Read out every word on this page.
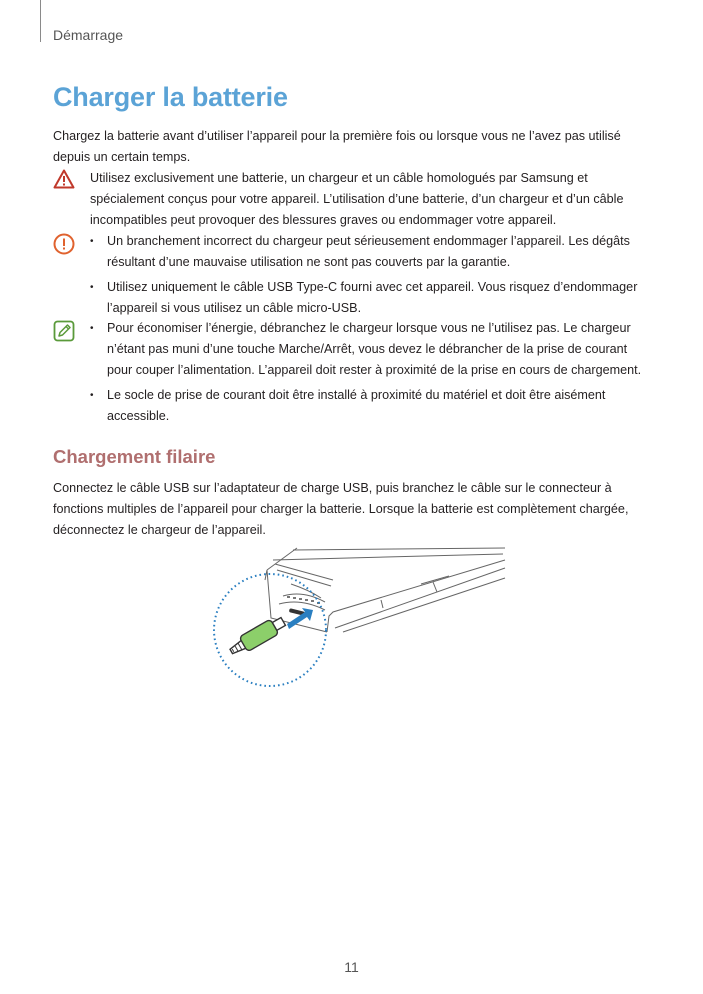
Démarrage
Charger la batterie

Chargez la batterie avant d’utiliser l’appareil pour la première fois ou lorsque vous ne l’avez pas utilisé depuis un certain temps.

Utilisez exclusivement une batterie, un chargeur et un câble homologués par Samsung et spécialement conçus pour votre appareil. L’utilisation d’une batterie, d’un chargeur et d’un câble incompatibles peut provoquer des blessures graves ou endommager votre appareil.

• Un branchement incorrect du chargeur peut sérieusement endommager l’appareil. Les dégâts résultant d’une mauvaise utilisation ne sont pas couverts par la garantie.
• Utilisez uniquement le câble USB Type-C fourni avec cet appareil. Vous risquez d’endommager l’appareil si vous utilisez un câble micro-USB.
• Pour économiser l’énergie, débranchez le chargeur lorsque vous ne l’utilisez pas. Le chargeur n’étant pas muni d’une touche Marche/Arrêt, vous devez le débrancher de la prise de courant pour couper l’alimentation. L’appareil doit rester à proximité de la prise en cours de chargement.
• Le socle de prise de courant doit être installé à proximité du matériel et doit être aisément accessible.
Chargement filaire

Connectez le câble USB sur l’adaptateur de charge USB, puis branchez le câble sur le connecteur à fonctions multiples de l’appareil pour charger la batterie. Lorsque la batterie est complètement chargée, déconnectez le chargeur de l’appareil.

11
